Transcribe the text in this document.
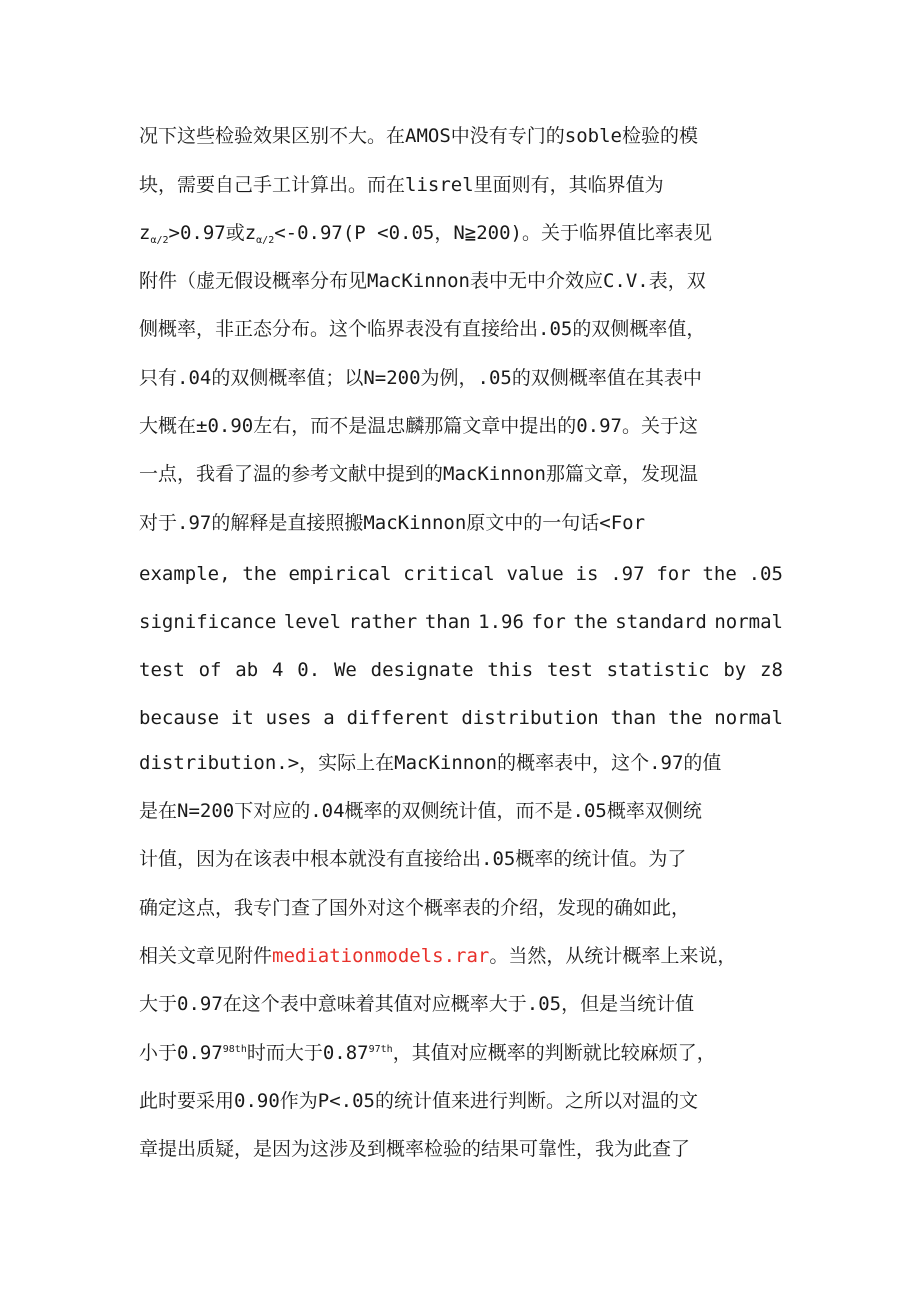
况下这些检验效果区别不大。在AMOS中没有专门的soble检验的模
块，需要自己手工计算出。而在lisrel里面则有，其临界值为
$z_{\alpha/2}>0.97$或$z_{\alpha/2}<-0.97(P <0.05$，N≧200)。关于临界值比率表见
附件（虚无假设概率分布见MacKinnon表中无中介效应C.V.表，双
侧概率，非正态分布。这个临界表没有直接给出.05的双侧概率值，
只有.04的双侧概率值；以N=200为例，.05的双侧概率值在其表中
大概在±0.90左右，而不是温忠麟那篇文章中提出的0.97。关于这
一点，我看了温的参考文献中提到的MacKinnon那篇文章，发现温
对于.97的解释是直接照搬MacKinnon原文中的一句话<For
example, the empirical critical value is .97 for the .05
significance level rather than 1.96 for the standard normal
test of ab 4 0. We designate this test statistic by z8
because it uses a different distribution than the normal
distribution.>，实际上在MacKinnon的概率表中，这个.97的值
是在N=200下对应的.04概率的双侧统计值，而不是.05概率双侧统
计值，因为在该表中根本就没有直接给出.05概率的统计值。为了
确定这点，我专门查了国外对这个概率表的介绍，发现的确如此，
相关文章见附件mediationmodels.rar。当然，从统计概率上来说，
大于0.97在这个表中意味着其值对应概率大于.05，但是当统计值
小于$0.97^{98th}$时而大于$0.87^{97th}$，其值对应概率的判断就比较麻烦了，
此时要采用0.90作为P<.05的统计值来进行判断。之所以对温的文
章提出质疑，是因为这涉及到概率检验的结果可靠性，我为此查了
